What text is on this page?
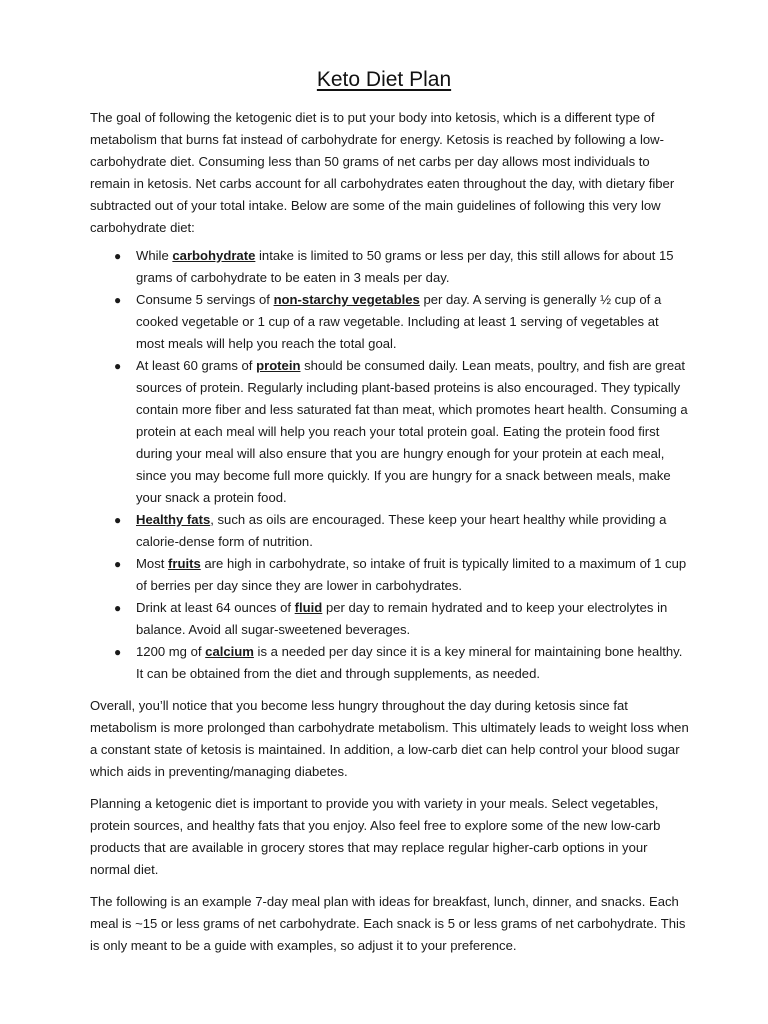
Keto Diet Plan

The goal of following the ketogenic diet is to put your body into ketosis, which is a different type of metabolism that burns fat instead of carbohydrate for energy. Ketosis is reached by following a low-carbohydrate diet. Consuming less than 50 grams of net carbs per day allows most individuals to remain in ketosis. Net carbs account for all carbohydrates eaten throughout the day, with dietary fiber subtracted out of your total intake. Below are some of the main guidelines of following this very low carbohydrate diet:

● While carbohydrate intake is limited to 50 grams or less per day, this still allows for about 15 grams of carbohydrate to be eaten in 3 meals per day.
● Consume 5 servings of non-starchy vegetables per day. A serving is generally ½ cup of a cooked vegetable or 1 cup of a raw vegetable. Including at least 1 serving of vegetables at most meals will help you reach the total goal.
● At least 60 grams of protein should be consumed daily. Lean meats, poultry, and fish are great sources of protein. Regularly including plant-based proteins is also encouraged. They typically contain more fiber and less saturated fat than meat, which promotes heart health. Consuming a protein at each meal will help you reach your total protein goal. Eating the protein food first during your meal will also ensure that you are hungry enough for your protein at each meal, since you may become full more quickly. If you are hungry for a snack between meals, make your snack a protein food.
● Healthy fats, such as oils are encouraged. These keep your heart healthy while providing a calorie-dense form of nutrition.
● Most fruits are high in carbohydrate, so intake of fruit is typically limited to a maximum of 1 cup of berries per day since they are lower in carbohydrates.
● Drink at least 64 ounces of fluid per day to remain hydrated and to keep your electrolytes in balance. Avoid all sugar-sweetened beverages.
● 1200 mg of calcium is a needed per day since it is a key mineral for maintaining bone healthy. It can be obtained from the diet and through supplements, as needed.

Overall, you’ll notice that you become less hungry throughout the day during ketosis since fat metabolism is more prolonged than carbohydrate metabolism. This ultimately leads to weight loss when a constant state of ketosis is maintained. In addition, a low-carb diet can help control your blood sugar which aids in preventing/managing diabetes.

Planning a ketogenic diet is important to provide you with variety in your meals. Select vegetables, protein sources, and healthy fats that you enjoy. Also feel free to explore some of the new low-carb products that are available in grocery stores that may replace regular higher-carb options in your normal diet.

The following is an example 7-day meal plan with ideas for breakfast, lunch, dinner, and snacks. Each meal is ~15 or less grams of net carbohydrate. Each snack is 5 or less grams of net carbohydrate. This is only meant to be a guide with examples, so adjust it to your preference.
